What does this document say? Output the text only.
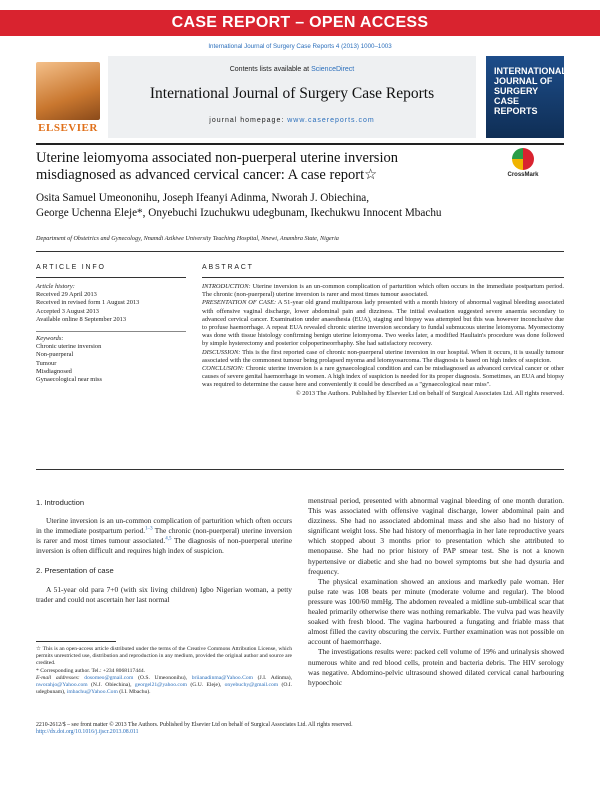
CASE REPORT – OPEN ACCESS
International Journal of Surgery Case Reports 4 (2013) 1000–1003
ELSEVIER
Contents lists available at ScienceDirect
International Journal of Surgery Case Reports
journal homepage: www.casereports.com
INTERNATIONAL JOURNAL OF SURGERY CASE REPORTS
Uterine leiomyoma associated non-puerperal uterine inversion misdiagnosed as advanced cervical cancer: A case report☆	CrossMark
Osita Samuel Umeononihu, Joseph Ifeanyi Adinma, Nworah J. Obiechina,
George Uchenna Eleje*, Onyebuchi Izuchukwu udegbunam, Ikechukwu Innocent Mbachu
Department of Obstetrics and Gynecology, Nnamdi Azikiwe University Teaching Hospital, Nnewi, Anambra State, Nigeria
ARTICLE INFO	ABSTRACT
Article history:
Received 29 April 2013
Received in revised form 1 August 2013
Accepted 3 August 2013
Available online 8 September 2013
Keywords:
Chronic uterine inversion
Non-puerperal
Tumour
Misdiagnosed
Gynaecological near miss

INTRODUCTION: Uterine inversion is an un-common complication of parturition which often occurs in the immediate postpartum period. The chronic (non-puerperal) uterine inversion is rarer and most times tumour associated.

PRESENTATION OF CASE: A 51-year old grand multiparous lady presented with a month history of abnormal vaginal bleeding associated with offensive vaginal discharge, lower abdominal pain and dizziness. The initial evaluation suggested severe anaemia secondary to advanced cervical cancer. Examination under anaesthesia (EUA), staging and biopsy was attempted but this was however inconclusive due to profuse haemorrhage. A repeat EUA revealed chronic uterine inversion secondary to fundal submucous uterine leiomyoma. Myomectomy was done with tissue histology confirming benign uterine leiomyoma. Two weeks later, a modified Haultain's procedure was done followed by simple hysterectomy and posterior colpoperineorrhaphy. She had satisfactory recovery.

DISCUSSION: This is the first reported case of chronic non-puerperal uterine inversion in our hospital. When it occurs, it is usually tumour associated with the commonest tumour being prolapsed myoma and leiomyosarcoma. The diagnosis is based on high index of suspicion.

CONCLUSION: Chronic uterine inversion is a rare gynaecological condition and can be misdiagnosed as advanced cervical cancer or other causes of severe genital haemorrhage in women. A high index of suspicion is needed for its proper diagnosis. Sometimes, an EUA and biopsy was required to determine the cause here and conveniently it could be described as a "gynaecological near miss".

© 2013 The Authors. Published by Elsevier Ltd on behalf of Surgical Associates Ltd. All rights reserved.

1. Introduction

Uterine inversion is an un-common complication of parturition which often occurs in the immediate postpartum period.$^{1-3}$ The chronic (non-puerperal) uterine inversion is rarer and most times tumour associated.$^{4,5}$ The diagnosis of non-puerperal uterine inversion is often difficult and requires high index of suspicion.

2. Presentation of case

A 51-year old para 7+0 (with six living children) Igbo Nigerian woman, a petty trader and could not ascertain her last normal

menstrual period, presented with abnormal vaginal bleeding of one month duration. This was associated with offensive vaginal discharge, lower abdominal pain and dizziness. She had no associated abdominal mass and she also had no history of significant weight loss. She had history of menorrhagia in her late reproductive years which stopped about 3 months prior to presentation which she attributed to menopause. She had no prior history of PAP smear test. She is not a known hypertensive or diabetic and she had no bowel symptoms but she had dysuria and frequency.

The physical examination showed an anxious and markedly pale woman. Her pulse rate was 108 beats per minute (moderate volume and regular). The blood pressure was 100/60 mmHg. The abdomen revealed a midline sub-umbilical scar that healed primarily otherwise there was nothing remarkable. The vulva pad was heavily soaked with fresh blood. The vagina harboured a fungating and friable mass that almost filled the cavity obscuring the cervix. Further examination was not possible on account of haemorrhage.

The investigations results were: packed cell volume of 19% and urinalysis showed numerous white and red blood cells, protein and bacteria debris. The HIV serology was negative. Abdomino-pelvic ultrasound showed dilated cervical canal harbouring hypoechoic

☆ This is an open-access article distributed under the terms of the Creative Commons Attribution License, which permits unrestricted use, distribution and reproduction in any medium, provided the original author and source are credited.

* Corresponding author. Tel.: +234 8068117444.

E-mail addresses: dosomeo@gmail.com (O.S. Umeononihu), briianadinma@Yahoo.Com (J.I. Adinma), nworahjo@Yahoo.com (N.J. Obiechina), georgel21@yahoo.com (G.U. Eleje), onyebuchy@gmail.com (O.I. udegbunam), imbachu@Yahoo.Com (I.I. Mbachu).

2210-2612/$ – see front matter © 2013 The Authors. Published by Elsevier Ltd on behalf of Surgical Associates Ltd. All rights reserved.
http://dx.doi.org/10.1016/j.ijscr.2013.08.011
